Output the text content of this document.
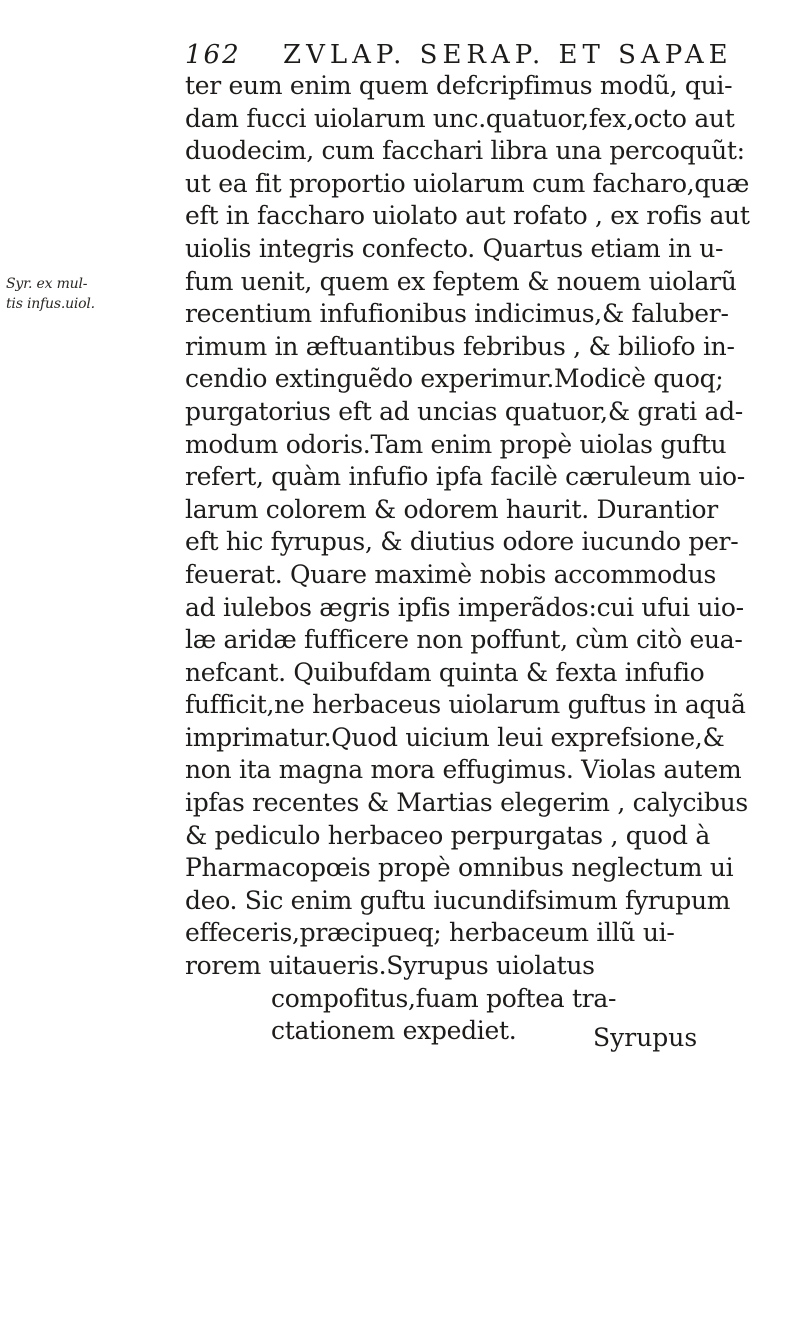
162 ZVLAP. SERAP. ET SAPAE
Syr. ex mul-
tis infus.uiol.
ter eum enim quem defcripfimus modũ, qui-
dam fucci uiolarum unc.quatuor,fex,octo aut
duodecim, cum facchari libra una percoquũt:
ut ea fit proportio uiolarum cum facharo,quæ
eft in faccharo uiolato aut rofato , ex rofis aut
uiolis integris confecto. Quartus etiam in u-
fum uenit, quem ex feptem & nouem uiolarũ
recentium infufionibus indicimus,& faluber-
rimum in æftuantibus febribus , & biliofo in-
cendio extinguẽdo experimur.Modicè quoq;
purgatorius eft ad uncias quatuor,& grati ad-
modum odoris.Tam enim propè uiolas guftu
refert, quàm infufio ipfa facilè cæruleum uio-
larum colorem & odorem haurit. Durantior
eft hic fyrupus, & diutius odore iucundo per-
feuerat. Quare maximè nobis accommodus
ad iulebos ægris ipfis imperãdos:cui ufui uio-
læ aridæ fufficere non poffunt, cùm citò eua-
nefcant. Quibufdam quinta & fexta infufio
fufficit,ne herbaceus uiolarum guftus in aquã
imprimatur.Quod uicium leui exprefsione,&
non ita magna mora effugimus. Violas autem
ipfas recentes & Martias elegerim , calycibus
& pediculo herbaceo perpurgatas , quod à
Pharmacopœis propè omnibus neglectum ui
deo. Sic enim guftu iucundifsimum fyrupum
effeceris,præcipueq; herbaceum illũ ui-
rorem uitaueris.Syrupus uiolatus
compofitus,fuam poftea tra-
ctationem expediet.	Syrupus
